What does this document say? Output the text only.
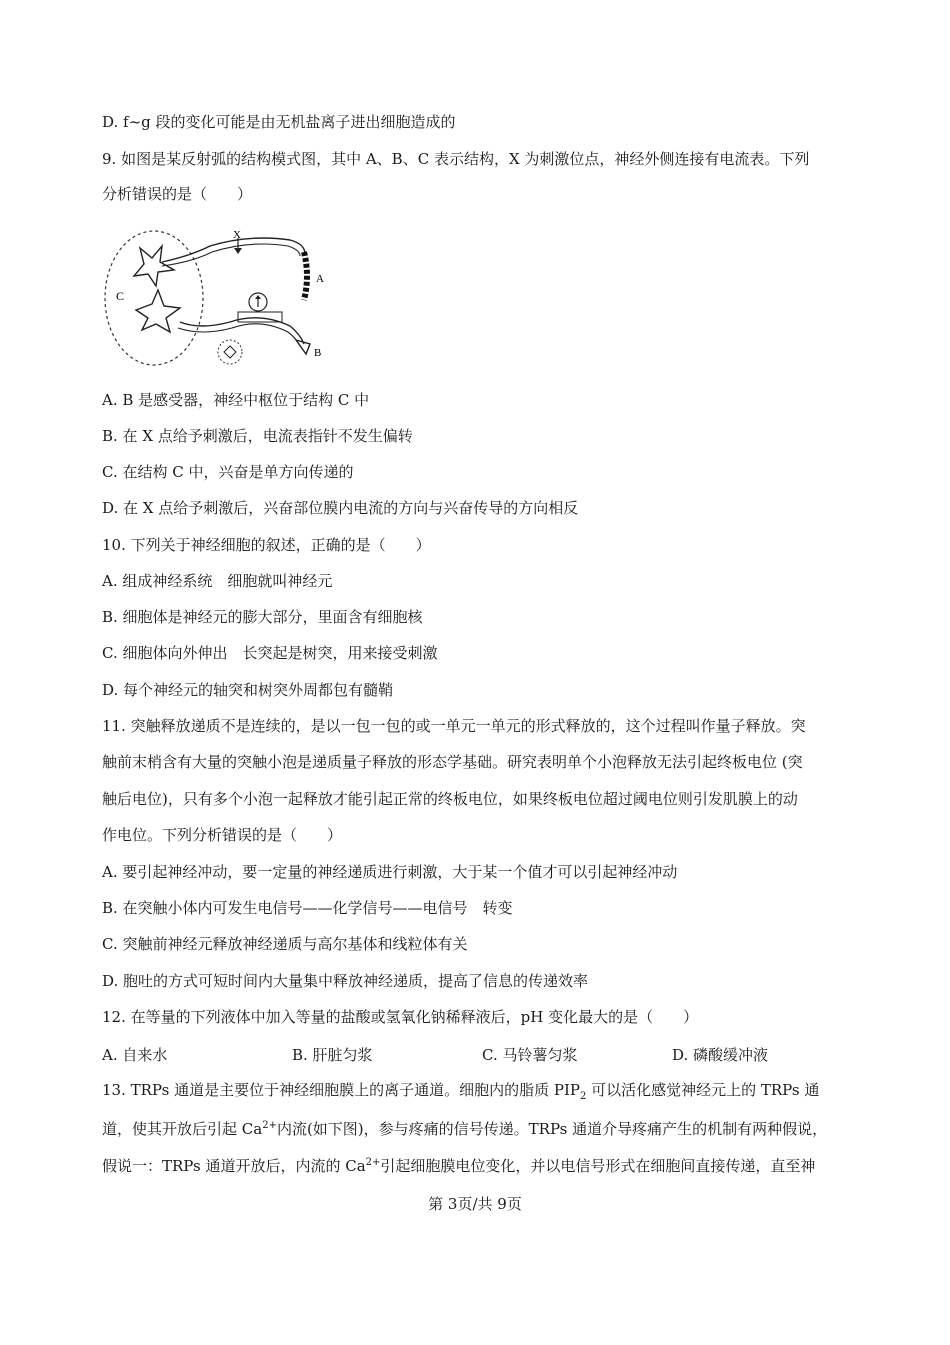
D. f~g 段的变化可能是由无机盐离子进出细胞造成的
9. 如图是某反射弧的结构模式图，其中 A、B、C 表示结构，X 为刺激位点，神经外侧连接有电流表。下列
分析错误的是（　　）
X
A
B
C
A. B 是感受器，神经中枢位于结构 C 中
B. 在 X 点给予刺激后，电流表指针不发生偏转
C. 在结构 C 中，兴奋是单方向传递的
D. 在 X 点给予刺激后，兴奋部位膜内电流的方向与兴奋传导的方向相反
10. 下列关于神经细胞的叙述，正确的是（　　）
A. 组成神经系统　细胞就叫神经元
B. 细胞体是神经元的膨大部分，里面含有细胞核
C. 细胞体向外伸出　长突起是树突，用来接受刺激
D. 每个神经元的轴突和树突外周都包有髓鞘
11. 突触释放递质不是连续的，是以一包一包的或一单元一单元的形式释放的，这个过程叫作量子释放。突
触前末梢含有大量的突触小泡是递质量子释放的形态学基础。研究表明单个小泡释放无法引起终板电位 (突
触后电位)，只有多个小泡一起释放才能引起正常的终板电位，如果终板电位超过阈电位则引发肌膜上的动
作电位。下列分析错误的是（　　）
A. 要引起神经冲动，要一定量的神经递质进行刺激，大于某一个值才可以引起神经冲动
B. 在突触小体内可发生电信号——化学信号——电信号　转变
C. 突触前神经元释放神经递质与高尔基体和线粒体有关
D. 胞吐的方式可短时间内大量集中释放神经递质，提高了信息的传递效率
12. 在等量的下列液体中加入等量的盐酸或氢氧化钠稀释液后，pH 变化最大的是（　　）
A. 自来水	B. 肝脏匀浆	C. 马铃薯匀浆	D. 磷酸缓冲液
13. TRPs 通道是主要位于神经细胞膜上的离子通道。细胞内的脂质 $PIP_2$ 可以活化感觉神经元上的 TRPs 通
道，使其开放后引起 $Ca^{2+}$内流(如下图)，参与疼痛的信号传递。TRPs 通道介导疼痛产生的机制有两种假说，
假说一：TRPs 通道开放后，内流的 $Ca^{2+}$引起细胞膜电位变化，并以电信号形式在细胞间直接传递，直至神
第 3页/共 9页
